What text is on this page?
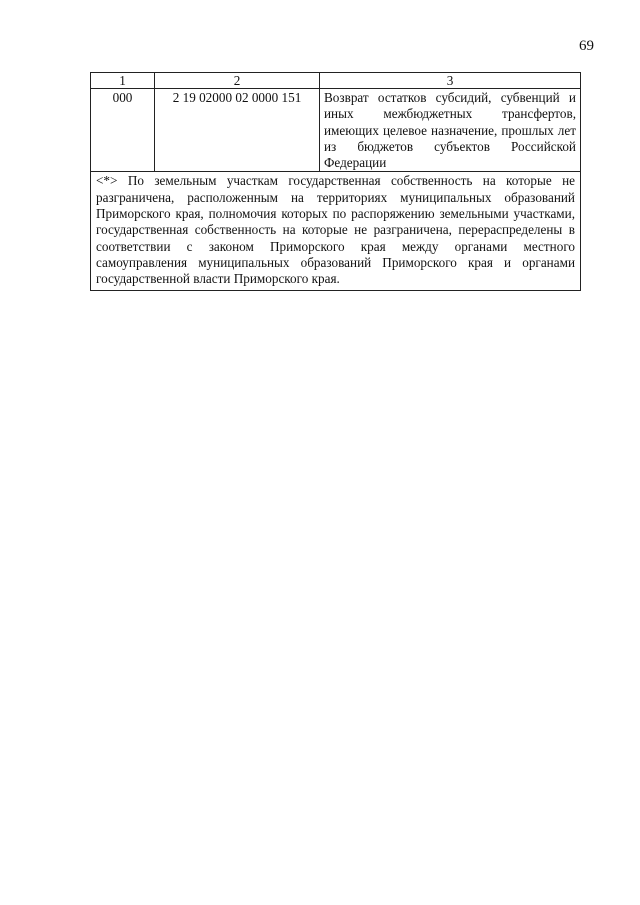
69
1	2	3
000	2 19 02000 02 0000 151	Возврат остатков субсидий, субвенций и иных межбюджетных трансфертов, имеющих целевое назначение, прошлых лет из бюджетов субъектов Российской Федерации
<*> По земельным участкам государственная собственность на которые не разграничена, расположенным на территориях муниципальных образований Приморского края, полномочия которых по распоряжению земельными участками, государственная собственность на которые не разграничена, перераспределены в соответствии с законом Приморского края между органами местного самоуправления муниципальных образований Приморского края и органами государственной власти Приморского края.		
